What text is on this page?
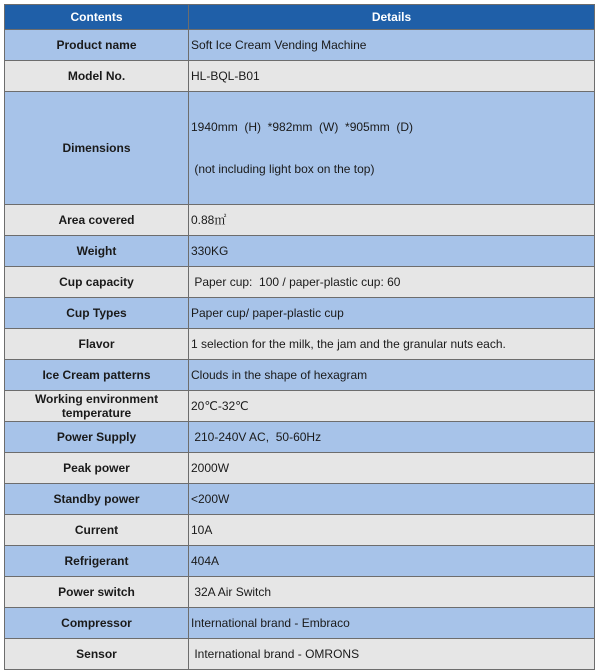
Contents	Details
Product name	Soft Ice Cream Vending Machine
Model No.	HL-BQL-B01
Dimensions	1940mm  (H)  *982mm  (W)  *905mm  (D)

(not including light box on the top)

Area covered	0.88㎡
Weight	330KG
Cup capacity	Paper cup:  100 / paper-plastic cup: 60
Cup Types	Paper cup/ paper-plastic cup
Flavor	1 selection for the milk, the jam and the granular nuts each.
Ice Cream patterns	Clouds in the shape of hexagram
Working environment temperature	20℃-32℃
Power Supply	210-240V AC,  50-60Hz
Peak power	2000W
Standby power	<200W
Current	10A
Refrigerant	404A
Power switch	32A Air Switch
Compressor	International brand - Embraco
Sensor	International brand - OMRONS
